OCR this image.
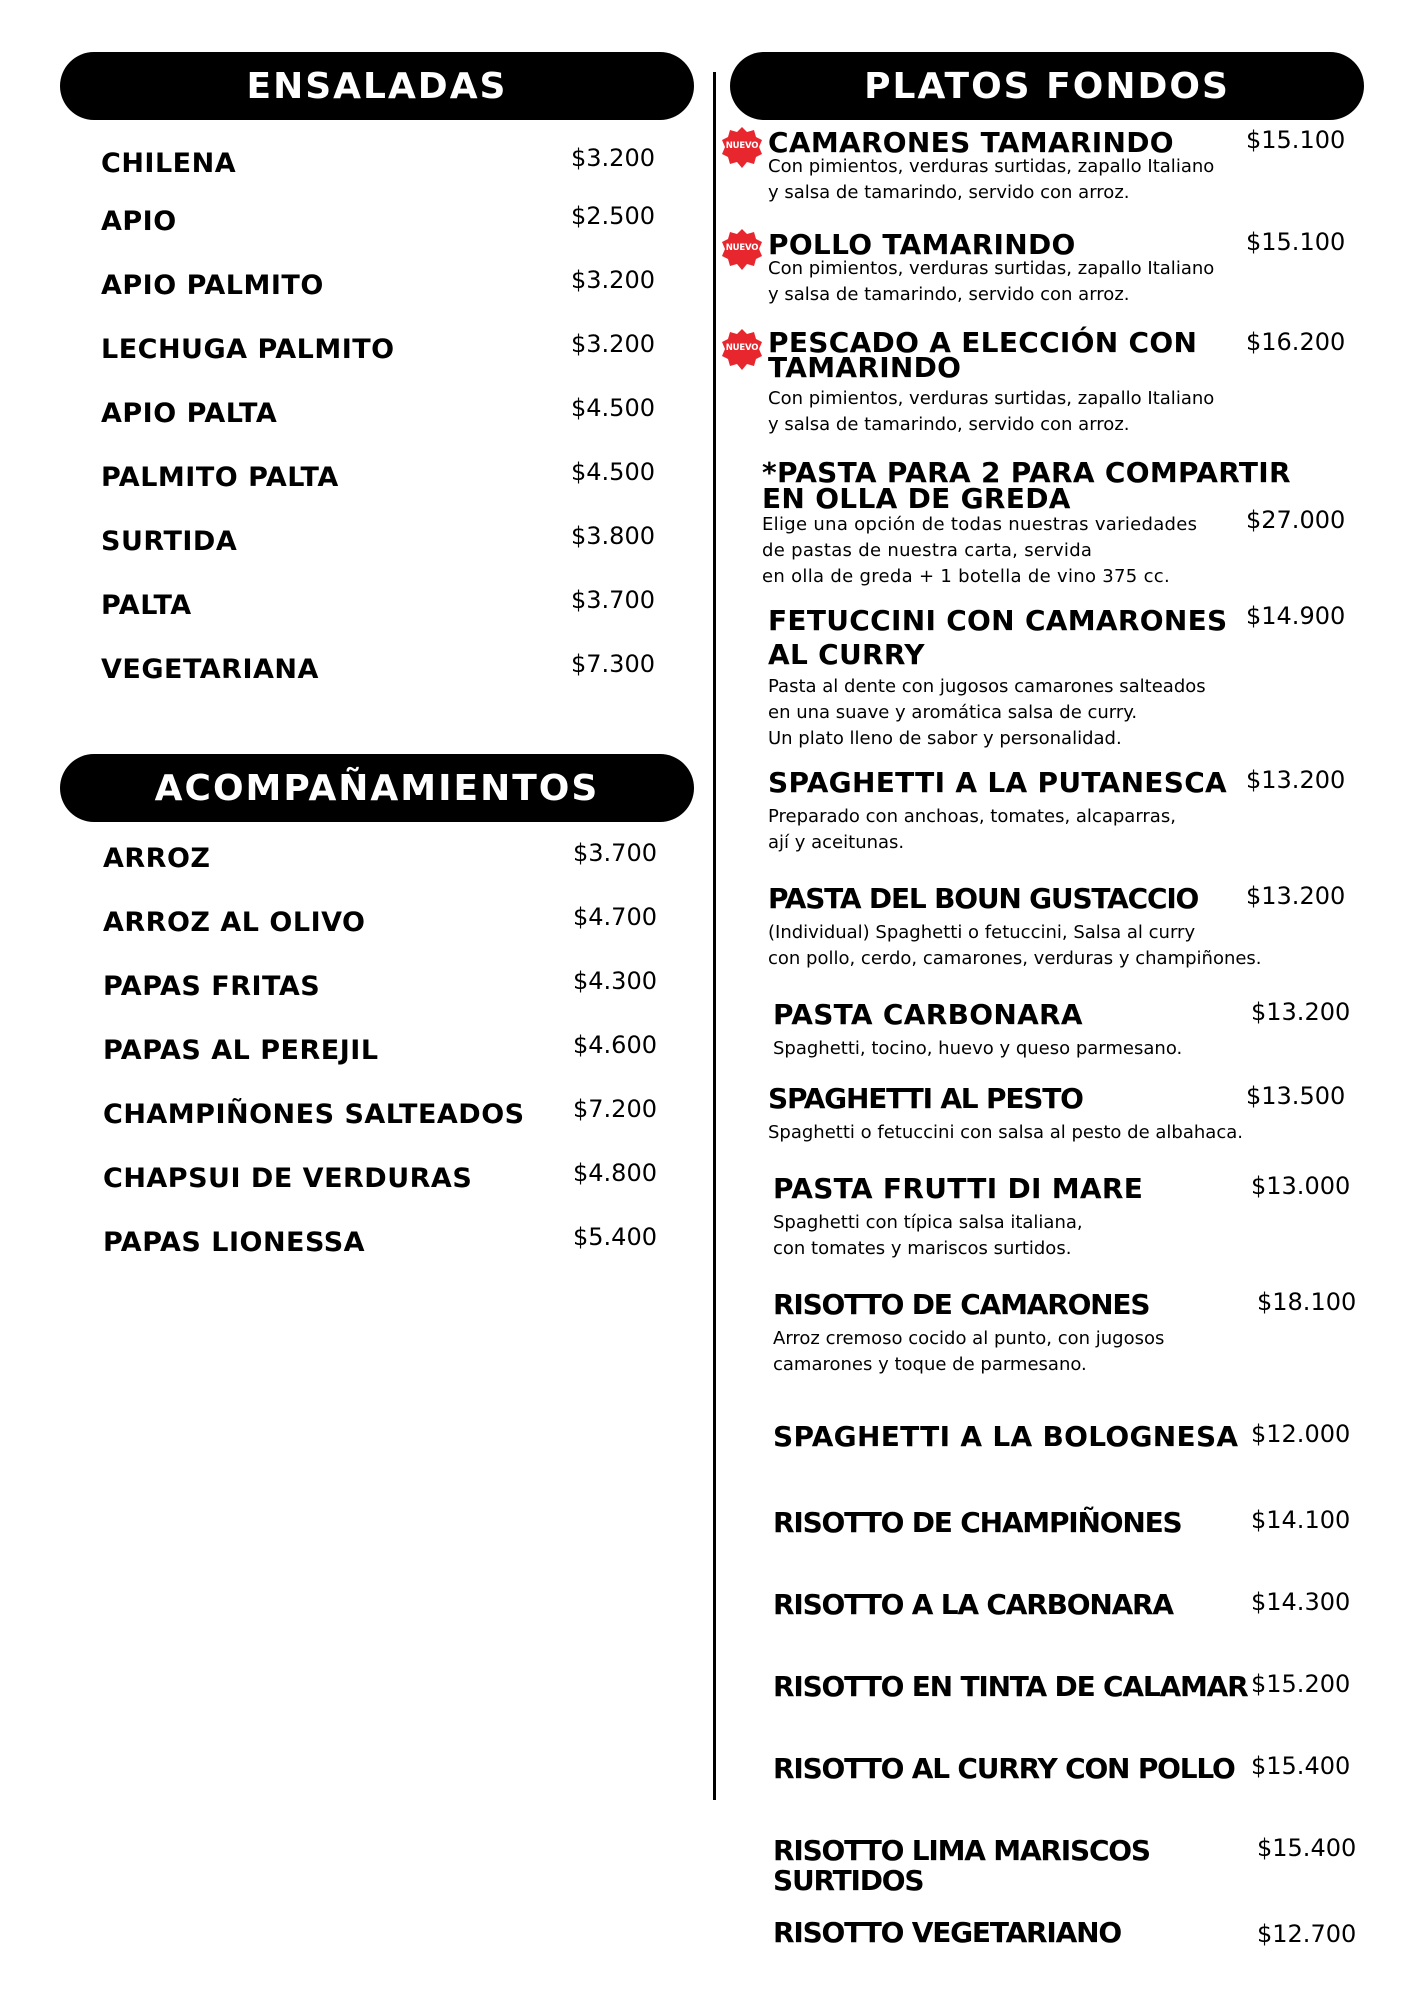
ENSALADAS	PLATOS FONDOS
ACOMPAÑAMIENTOS
CHILENA	$3.200
APIO	$2.500
APIO PALMITO	$3.200
LECHUGA PALMITO	$3.200
APIO PALTA	$4.500
PALMITO PALTA	$4.500
SURTIDA	$3.800
PALTA	$3.700
VEGETARIANA	$7.300
ARROZ	$3.700
ARROZ AL OLIVO	$4.700
PAPAS FRITAS	$4.300
PAPAS AL PEREJIL	$4.600
CHAMPIÑONES SALTEADOS $7.200
CHAPSUI DE VERDURAS	$4.800
PAPAS LIONESSA	$5.400
NUEVO CAMARONES TAMARINDO
Con pimientos, verduras surtidas, zapallo Italiano
y salsa de tamarindo, servido con arroz.
$15.100
NUEVO POLLO TAMARINDO
Con pimientos, verduras surtidas, zapallo Italiano
y salsa de tamarindo, servido con arroz.
$15.100
NUEVO PESCADO A ELECCIÓN CON
TAMARINDO
Con pimientos, verduras surtidas, zapallo Italiano
y salsa de tamarindo, servido con arroz.
$16.200
*PASTA PARA 2 PARA COMPARTIR
EN OLLA DE GREDA
Elige una opción de todas nuestras variedades
de pastas de nuestra carta, servida
en olla de greda + 1 botella de vino 375 cc.
$27.000
FETUCCINI CON CAMARONES
AL CURRY
Pasta al dente con jugosos camarones salteados
en una suave y aromática salsa de curry.
Un plato lleno de sabor y personalidad.
$14.900
SPAGHETTI A LA PUTANESCA
Preparado con anchoas, tomates, alcaparras,
ají y aceitunas.
$13.200
PASTA DEL BOUN GUSTACCIO
(Individual) Spaghetti o fetuccini, Salsa al curry
con pollo, cerdo, camarones, verduras y champiñones.
$13.200
PASTA CARBONARA
Spaghetti, tocino, huevo y queso parmesano.
$13.200
SPAGHETTI AL PESTO
Spaghetti o fetuccini con salsa al pesto de albahaca.
$13.500
PASTA FRUTTI DI MARE
Spaghetti con típica salsa italiana,
con tomates y mariscos surtidos.
$13.000
RISOTTO DE CAMARONES
Arroz cremoso cocido al punto, con jugosos
camarones y toque de parmesano.
$18.100
SPAGHETTI A LA BOLOGNESA $12.000
RISOTTO DE CHAMPIÑONES	$14.100
RISOTTO A LA CARBONARA	$14.300
RISOTTO EN TINTA DE CALAMAR $15.200
RISOTTO AL CURRY CON POLLO $15.400
RISOTTO LIMA MARISCOS SURTIDOS
$15.400
RISOTTO VEGETARIANO	$12.700
